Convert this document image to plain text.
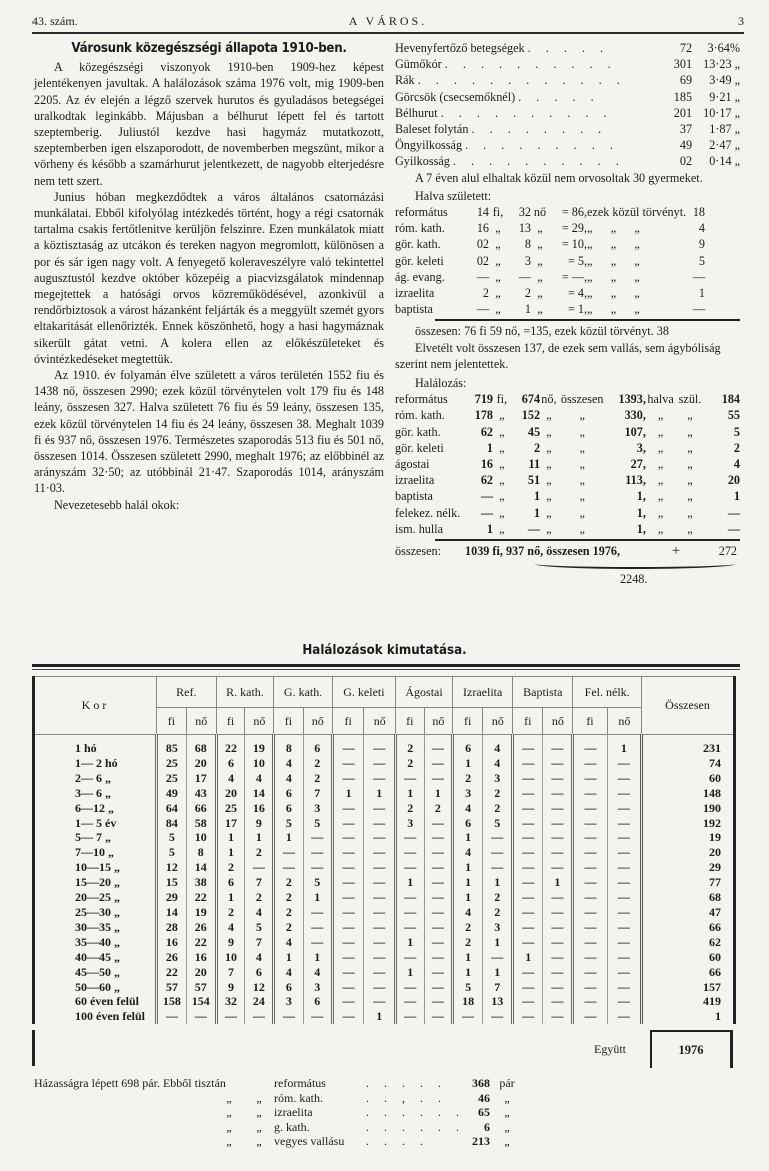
43. szám.	A VÁROS.	3
Városunk közegészségi állapota 1910-ben.

A közegészségi viszonyok 1910-ben 1909-hez képest jelentékenyen javultak. A halálozások száma 1976 volt, mig 1909-ben 2205. Az év elején a légző szervek hurutos és gyuladásos betegségei uralkodtak leginkább. Májusban a bélhurut lépett fel és tartott szeptemberig. Juliustól kezdve hasi hagymáz mutatkozott, szeptemberben igen elszaporodott, de novemberben megszünt, mikor a vörheny és később a szamárhurut jelentkezett, de nagyobb elterjedésre nem tett szert.

Junius hóban megkezdődtek a város általános csatornázási munkálatai. Ebből kifolyólag intézkedés történt, hogy a régi csatornák tartalma csakis fertőtlenitve kerüljön felszinre. Ezen munkálatok miatt a köztisztaság az utcákon és tereken nagyon megromlott, különösen a por és sár igen nagy volt. A fenyegető koleraveszélyre való tekintettel augusztustól kezdve október közepéig a piacvizsgálatok mindennap megejtettek a hatósági orvos közreműködésével, azonkivül a rendőrbiztosok a várost házanként feljárták és a meggyült szemét gyors eltakaritását ellenőrizték. Ennek köszönhető, hogy a hasi hagymáznak sikerült gátat vetni. A kolera ellen az előkészületeket és óvintézkedéseket megtettük.

Az 1910. év folyamán élve született a város területén 1552 fiu és 1438 nő, összesen 2990; ezek közül törvénytelen volt 179 fiu és 148 leány, összesen 327. Halva született 76 fiu és 59 leány, összesen 135, ezek közül törvénytelen 14 fiu és 24 leány, összesen 38. Meghalt 1039 fi és 937 nő, összesen 1976. Természetes szaporodás 513 fiu és 501 nő, összesen 1014. Összesen született 2990, meghalt 1976; az előbbinél az arányszám 32·50; az utóbbinál 21·47. Szaporodás 1014, arányszám 11·03.

Nevezetesebb halál okok:

Hevenyfertőző betegségek . . . . .	72	3·64%
Gümőkór . . . . . . . . . .	301 13·23 „
Rák . . . . . . . . . . . .	69	3·49 „
Görcsök (csecsemőknél) . . . . .	185	9·21 „
Bélhurut . . . . . . . . . .	201 10·17 „
Baleset folytán . . . . . . . .	37	1·87 „
Öngyilkosság . . . . . . . . .	49	2·47 „
Gyilkosság . . . . . . . . . .	02	0·14 „
A 7 éven alul elhaltak közül nem orvosoltak 30 gyermeket.
Halva született:
református	14 fi,	32 nő	= 86, ezek közül törvényt. 18
róm. kath.	16 „	13 „	= 29, „      „      „	4
gör. kath.	02 „	8 „	= 10, „      „      „	9
gör. keleti	02 „	3 „	= 5, „      „      „	5
ág. evang.	— „	— „	= —, „      „      „	—
izraelita	2 „	2 „	= 4, „      „      „	1
baptista	— „	1 „	= 1, „      „      „	—
összesen: 76 fi 59 nő, =135, ezek közül törvényt. 38
Elvetélt volt összesen 137, de ezek sem vallás, sem ágybóliság szerint nem jelentettek.
Halálozás:
református	719 fi,	674 nő, összesen	1393, halva szül.	184
róm. kath.	178 „	152 „	„	330, „	„	55
gör. kath.	62 „	45 „	„	107, „	„	5
gör. keleti	1 „	2 „	„	3, „	„	2
ágostai	16 „	11 „	„	27, „	„	4
izraelita	62 „	51 „	„	113, „	„	20
baptista	— „	1 „	„	1, „	„	1
felekez. nélk.	— „	1 „	„	1, „	„	—
ism. hulla	1 „	— „	„	1, „	„	—
összesen:	1039 fi, 937 nő, összesen 1976,	+	272
2248.
Halálozások kimutatása.
Kor	Ref.		R. kath.		G. kath.		G. keleti		Ágostai		Izraelita		Baptista		Fel. nélk.		Összesen
	fi	nő	fi	nő	fi	nő	fi	nő	fi	nő	fi	nő	fi	nő	fi	nő	
1 hó	85	68	22	19	8	6	—	—	2	—	6	4	—	—	—	1	231
1— 2 hó	25	20	6	10	4	2	—	—	2	—	1	4	—	—	—	—	74
2— 6 „	25	17	4	4	4	2	—	—	—	—	2	3	—	—	—	—	60
3— 6 „	49	43	20	14	6	7	1	1	1	1	3	2	—	—	—	—	148
6—12 „	64	66	25	16	6	3	—	—	2	2	4	2	—	—	—	—	190
1— 5 év	84	58	17	9	5	5	—	—	3	—	6	5	—	—	—	—	192
5— 7 „	5	10	1	1	1	—	—	—	—	—	1	—	—	—	—	—	19
7—10 „	5	8	1	2	—	—	—	—	—	—	4	—	—	—	—	—	20
10—15 „	12	14	2	—	—	—	—	—	—	—	1	—	—	—	—	—	29
15—20 „	15	38	6	7	2	5	—	—	1	—	1	1	—	1	—	—	77
20—25 „	29	22	1	2	2	1	—	—	—	—	1	2	—	—	—	—	68
25—30 „	14	19	2	4	2	—	—	—	—	—	4	2	—	—	—	—	47
30—35 „	28	26	4	5	2	—	—	—	—	—	2	3	—	—	—	—	66
35—40 „	16	22	9	7	4	—	—	—	1	—	2	1	—	—	—	—	62
40—45 „	26	16	10	4	1	1	—	—	—	—	1	—	1	—	—	—	60
45—50 „	22	20	7	6	4	4	—	—	1	—	1	1	—	—	—	—	66
50—60 „	57	57	9	12	6	3	—	—	—	—	5	7	—	—	—	—	157
60 éven felül	158	154	32	24	3	6	—	—	—	—	18	13	—	—	—	—	419
100 éven felül	—	—	—	—	—	—	—	1	—	—	—	—	—	—	—	—	1
Együtt	1976
Házasságra lépett 698 pár. Ebből tisztán	református	. . . . .	368 pár
„	„	róm. kath.	. . , . .	46	„
„	„	izraelita	. . . . . .	65	„
„	„	g. kath.	. . . . . .	6	„
„	„	vegyes vallásu	. . . .	213	„
